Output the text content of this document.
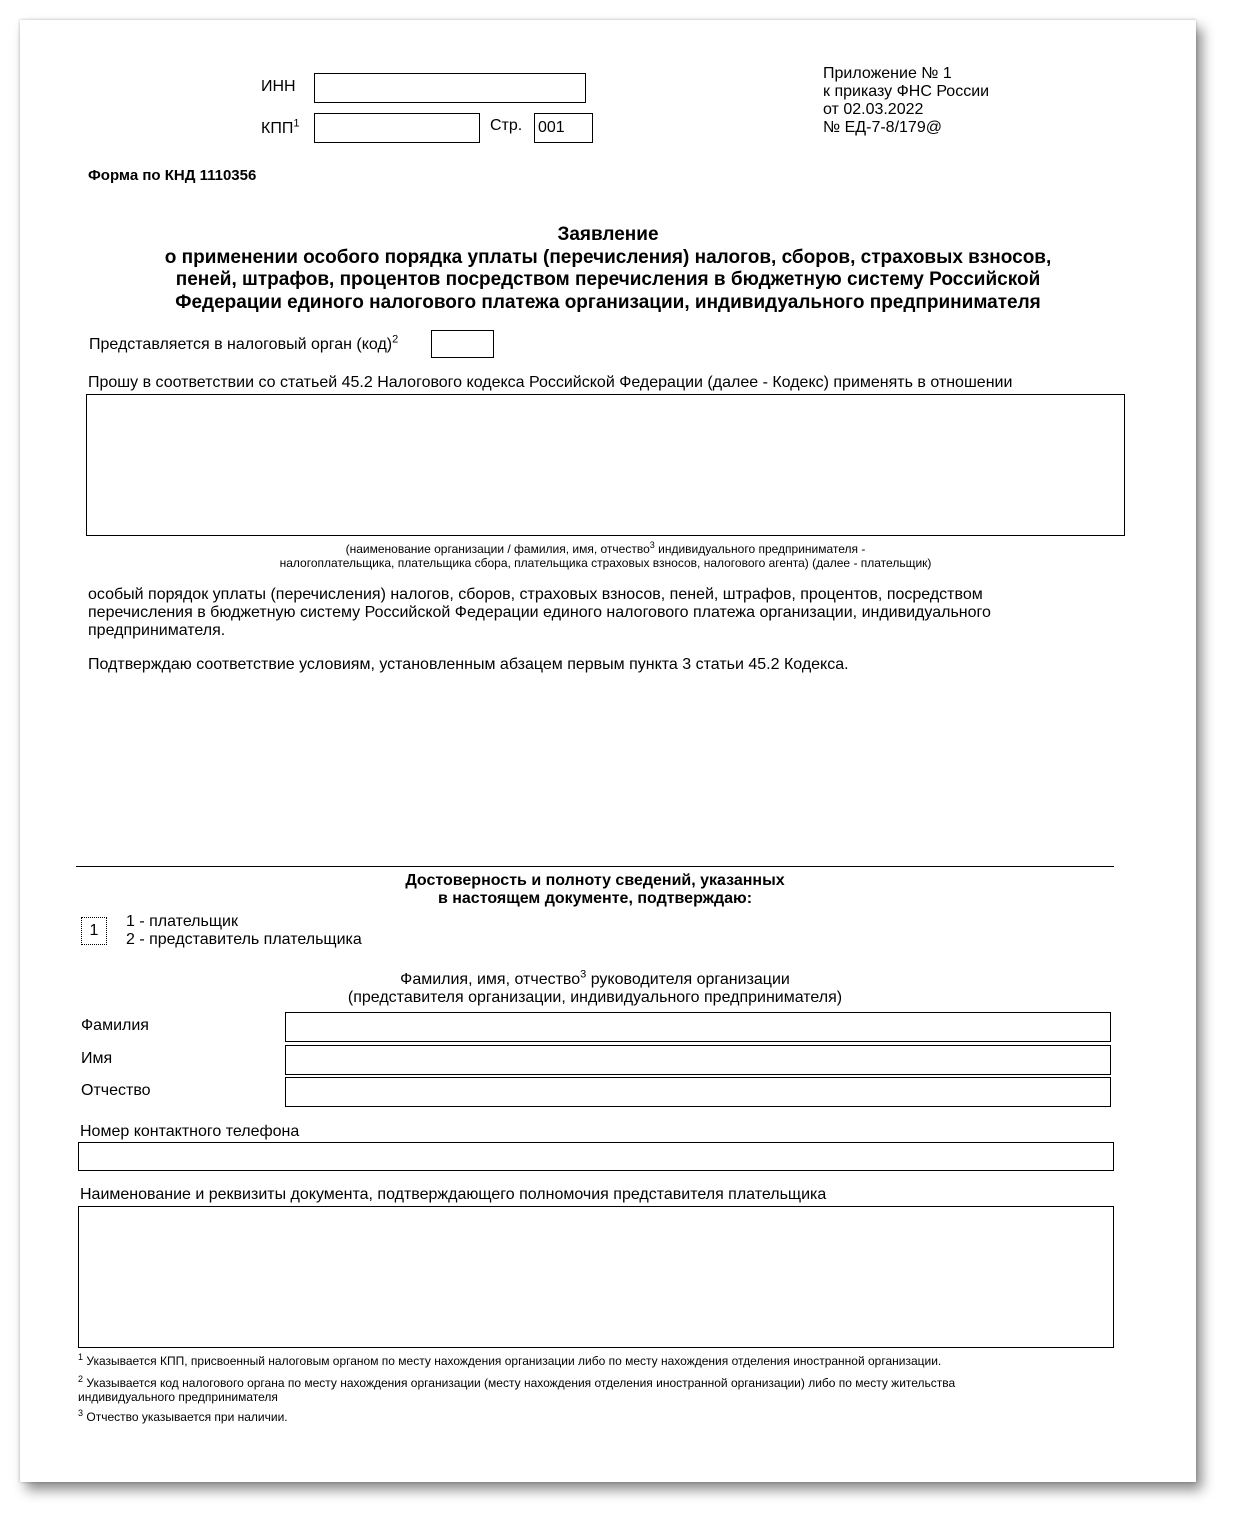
ИНН
КПП$^1$	Стр.
001
Приложение № 1
к приказу ФНС России
от 02.03.2022
№ ЕД-7-8/179@
Форма по КНД 1110356
Заявление
о применении особого порядка уплаты (перечисления) налогов, сборов, страховых взносов,
пеней, штрафов, процентов посредством перечисления в бюджетную систему Российской
Федерации единого налогового платежа организации, индивидуального предпринимателя
Представляется в налоговый орган (код)$^2$
Прошу в соответствии со статьей 45.2 Налогового кодекса Российской Федерации (далее - Кодекс) применять в отношении
(наименование организации / фамилия, имя, отчество$^3$ индивидуального предпринимателя -
налогоплательщика, плательщика сбора, плательщика страховых взносов, налогового агента) (далее - плательщик)
особый порядок уплаты (перечисления) налогов, сборов, страховых взносов, пеней, штрафов, процентов, посредством
перечисления в бюджетную систему Российской Федерации единого налогового платежа организации, индивидуального
предпринимателя.
Подтверждаю соответствие условиям, установленным абзацем первым пункта 3 статьи 45.2 Кодекса.
Достоверность и полноту сведений, указанных
в настоящем документе, подтверждаю:
1
1 - плательщик
2 - представитель плательщика
Фамилия, имя, отчество$^3$ руководителя организации
(представителя организации, индивидуального предпринимателя)
Фамилия
Имя
Отчество
Номер контактного телефона
Наименование и реквизиты документа, подтверждающего полномочия представителя плательщика
$^1$ Указывается КПП, присвоенный налоговым органом по месту нахождения организации либо по месту нахождения отделения иностранной организации.
$^2$ Указывается код налогового органа по месту нахождения организации (месту нахождения отделения иностранной организации) либо по месту жительства
индивидуального предпринимателя
$^3$ Отчество указывается при наличии.
